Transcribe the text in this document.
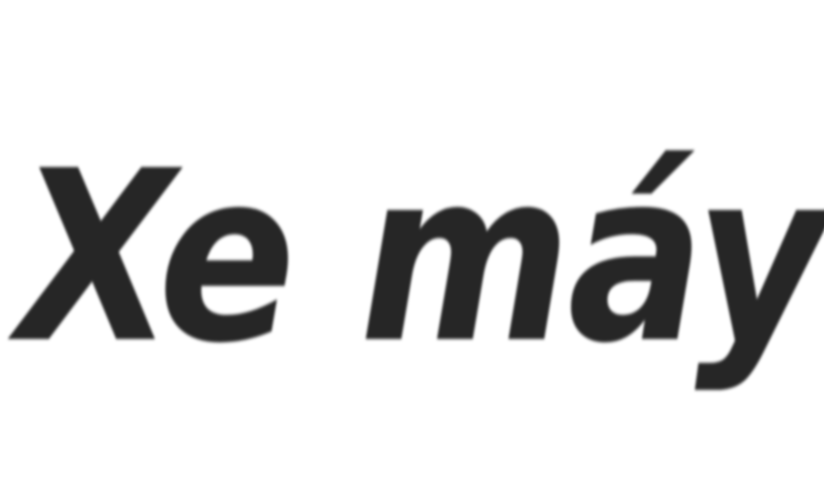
Xe máy
